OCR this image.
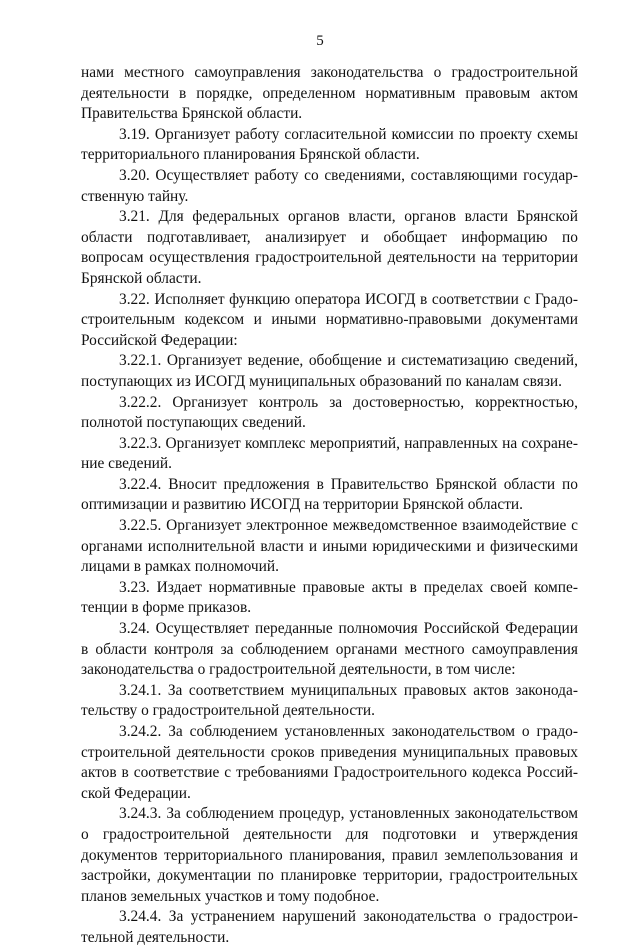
5

нами местного самоуправления законодательства о градостроительной деятельности в порядке, определенном нормативным правовым актом Правительства Брянской области.

3.19. Организует работу согласительной комиссии по проекту схемы территориального планирования Брянской области.

3.20. Осуществляет работу со сведениями, составляющими государственную тайну.

3.21. Для федеральных органов власти, органов власти Брянской области подготавливает, анализирует и обобщает информацию по вопросам осуществления градостроительной деятельности на территории Брянской области.

3.22. Исполняет функцию оператора ИСОГД в соответствии с Градостроительным кодексом и иными нормативно-правовыми документами Российской Федерации:

3.22.1. Организует ведение, обобщение и систематизацию сведений, поступающих из ИСОГД муниципальных образований по каналам связи.

3.22.2. Организует контроль за достоверностью, корректностью, полнотой поступающих сведений.

3.22.3. Организует комплекс мероприятий, направленных на сохранение сведений.

3.22.4. Вносит предложения в Правительство Брянской области по оптимизации и развитию ИСОГД на территории Брянской области.

3.22.5. Организует электронное межведомственное взаимодействие с органами исполнительной власти и иными юридическими и физическими лицами в рамках полномочий.

3.23. Издает нормативные правовые акты в пределах своей компетенции в форме приказов.

3.24. Осуществляет переданные полномочия Российской Федерации в области контроля за соблюдением органами местного самоуправления законодательства о градостроительной деятельности, в том числе:

3.24.1. За соответствием муниципальных правовых актов законодательству о градостроительной деятельности.

3.24.2. За соблюдением установленных законодательством о градостроительной деятельности сроков приведения муниципальных правовых актов в соответствие с требованиями Градостроительного кодекса Российской Федерации.

3.24.3. За соблюдением процедур, установленных законодательством о градостроительной деятельности для подготовки и утверждения документов территориального планирования, правил землепользования и застройки, документации по планировке территории, градостроительных планов земельных участков и тому подобное.

3.24.4. За устранением нарушений законодательства о градостроительной деятельности.
